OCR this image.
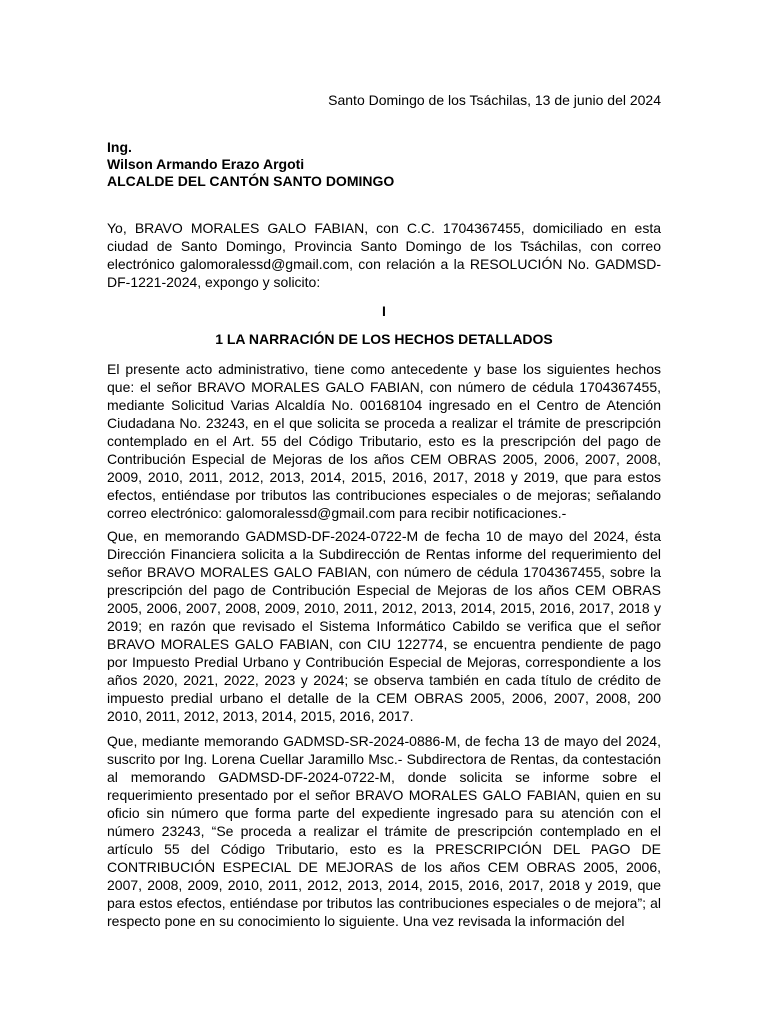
Santo Domingo de los Tsáchilas, 13 de junio del 2024
Ing.
Wilson Armando Erazo Argoti
ALCALDE DEL CANTÓN SANTO DOMINGO
Yo, BRAVO MORALES GALO FABIAN, con C.C. 1704367455, domiciliado en esta ciudad de Santo Domingo, Provincia Santo Domingo de los Tsáchilas, con correo electrónico galomoralessd@gmail.com, con relación a la RESOLUCIÓN No. GADMSD-DF-1221-2024, expongo y solicito:
I
1 LA NARRACIÓN DE LOS HECHOS DETALLADOS
El presente acto administrativo, tiene como antecedente y base los siguientes hechos que: el señor BRAVO MORALES GALO FABIAN, con número de cédula 1704367455, mediante Solicitud Varias Alcaldía No. 00168104 ingresado en el Centro de Atención Ciudadana No. 23243, en el que solicita se proceda a realizar el trámite de prescripción contemplado en el Art. 55 del Código Tributario, esto es la prescripción del pago de Contribución Especial de Mejoras de los años CEM OBRAS 2005, 2006, 2007, 2008, 2009, 2010, 2011, 2012, 2013, 2014, 2015, 2016, 2017, 2018 y 2019, que para estos efectos, entiéndase por tributos las contribuciones especiales o de mejoras; señalando correo electrónico: galomoralessd@gmail.com para recibir notificaciones.-
Que, en memorando GADMSD-DF-2024-0722-M de fecha 10 de mayo del 2024, ésta Dirección Financiera solicita a la Subdirección de Rentas informe del requerimiento del señor BRAVO MORALES GALO FABIAN, con número de cédula 1704367455, sobre la prescripción del pago de Contribución Especial de Mejoras de los años CEM OBRAS 2005, 2006, 2007, 2008, 2009, 2010, 2011, 2012, 2013, 2014, 2015, 2016, 2017, 2018 y 2019; en razón que revisado el Sistema Informático Cabildo se verifica que el señor BRAVO MORALES GALO FABIAN, con CIU 122774, se encuentra pendiente de pago por Impuesto Predial Urbano y Contribución Especial de Mejoras, correspondiente a los años 2020, 2021, 2022, 2023 y 2024; se observa también en cada título de crédito de impuesto predial urbano el detalle de la CEM OBRAS 2005, 2006, 2007, 2008, 200 2010, 2011, 2012, 2013, 2014, 2015, 2016, 2017.
Que, mediante memorando GADMSD-SR-2024-0886-M, de fecha 13 de mayo del 2024, suscrito por Ing. Lorena Cuellar Jaramillo Msc.- Subdirectora de Rentas, da contestación al memorando GADMSD-DF-2024-0722-M, donde solicita se informe sobre el requerimiento presentado por el señor BRAVO MORALES GALO FABIAN, quien en su oficio sin número que forma parte del expediente ingresado para su atención con el número 23243, “Se proceda a realizar el trámite de prescripción contemplado en el artículo 55 del Código Tributario, esto es la PRESCRIPCIÓN DEL PAGO DE CONTRIBUCIÓN ESPECIAL DE MEJORAS de los años CEM OBRAS 2005, 2006, 2007, 2008, 2009, 2010, 2011, 2012, 2013, 2014, 2015, 2016, 2017, 2018 y 2019, que para estos efectos, entiéndase por tributos las contribuciones especiales o de mejora”; al respecto pone en su conocimiento lo siguiente. Una vez revisada la información del
